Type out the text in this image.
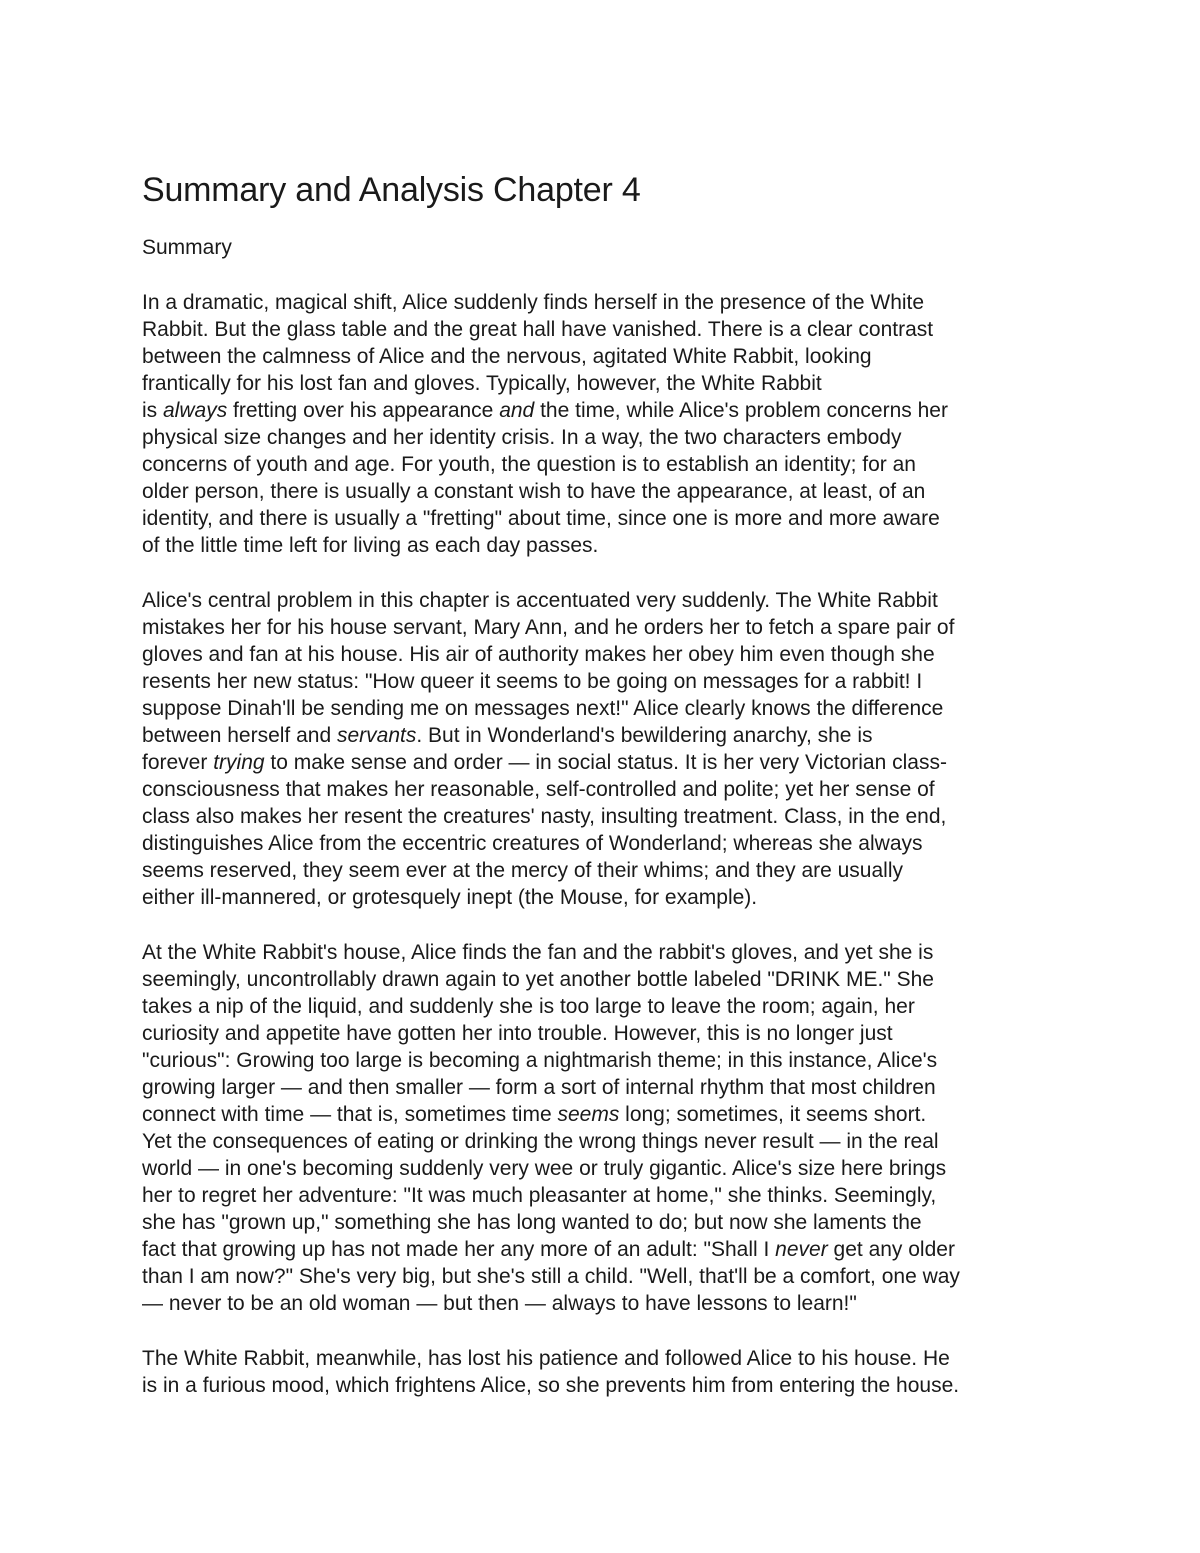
Summary and Analysis Chapter 4
Summary

In a dramatic, magical shift, Alice suddenly finds herself in the presence of the White
Rabbit. But the glass table and the great hall have vanished. There is a clear contrast
between the calmness of Alice and the nervous, agitated White Rabbit, looking
frantically for his lost fan and gloves. Typically, however, the White Rabbit
is always fretting over his appearance and the time, while Alice's problem concerns her
physical size changes and her identity crisis. In a way, the two characters embody
concerns of youth and age. For youth, the question is to establish an identity; for an
older person, there is usually a constant wish to have the appearance, at least, of an
identity, and there is usually a "fretting" about time, since one is more and more aware
of the little time left for living as each day passes.

Alice's central problem in this chapter is accentuated very suddenly. The White Rabbit
mistakes her for his house servant, Mary Ann, and he orders her to fetch a spare pair of
gloves and fan at his house. His air of authority makes her obey him even though she
resents her new status: "How queer it seems to be going on messages for a rabbit! I
suppose Dinah'll be sending me on messages next!" Alice clearly knows the difference
between herself and servants. But in Wonderland's bewildering anarchy, she is
forever trying to make sense and order — in social status. It is her very Victorian class-
consciousness that makes her reasonable, self-controlled and polite; yet her sense of
class also makes her resent the creatures' nasty, insulting treatment. Class, in the end,
distinguishes Alice from the eccentric creatures of Wonderland; whereas she always
seems reserved, they seem ever at the mercy of their whims; and they are usually
either ill-mannered, or grotesquely inept (the Mouse, for example).

At the White Rabbit's house, Alice finds the fan and the rabbit's gloves, and yet she is
seemingly, uncontrollably drawn again to yet another bottle labeled "DRINK ME." She
takes a nip of the liquid, and suddenly she is too large to leave the room; again, her
curiosity and appetite have gotten her into trouble. However, this is no longer just
"curious": Growing too large is becoming a nightmarish theme; in this instance, Alice's
growing larger — and then smaller — form a sort of internal rhythm that most children
connect with time — that is, sometimes time seems long; sometimes, it seems short.
Yet the consequences of eating or drinking the wrong things never result — in the real
world — in one's becoming suddenly very wee or truly gigantic. Alice's size here brings
her to regret her adventure: "It was much pleasanter at home," she thinks. Seemingly,
she has "grown up," something she has long wanted to do; but now she laments the
fact that growing up has not made her any more of an adult: "Shall I never get any older
than I am now?" She's very big, but she's still a child. "Well, that'll be a comfort, one way
— never to be an old woman — but then — always to have lessons to learn!"

The White Rabbit, meanwhile, has lost his patience and followed Alice to his house. He
is in a furious mood, which frightens Alice, so she prevents him from entering the house.
